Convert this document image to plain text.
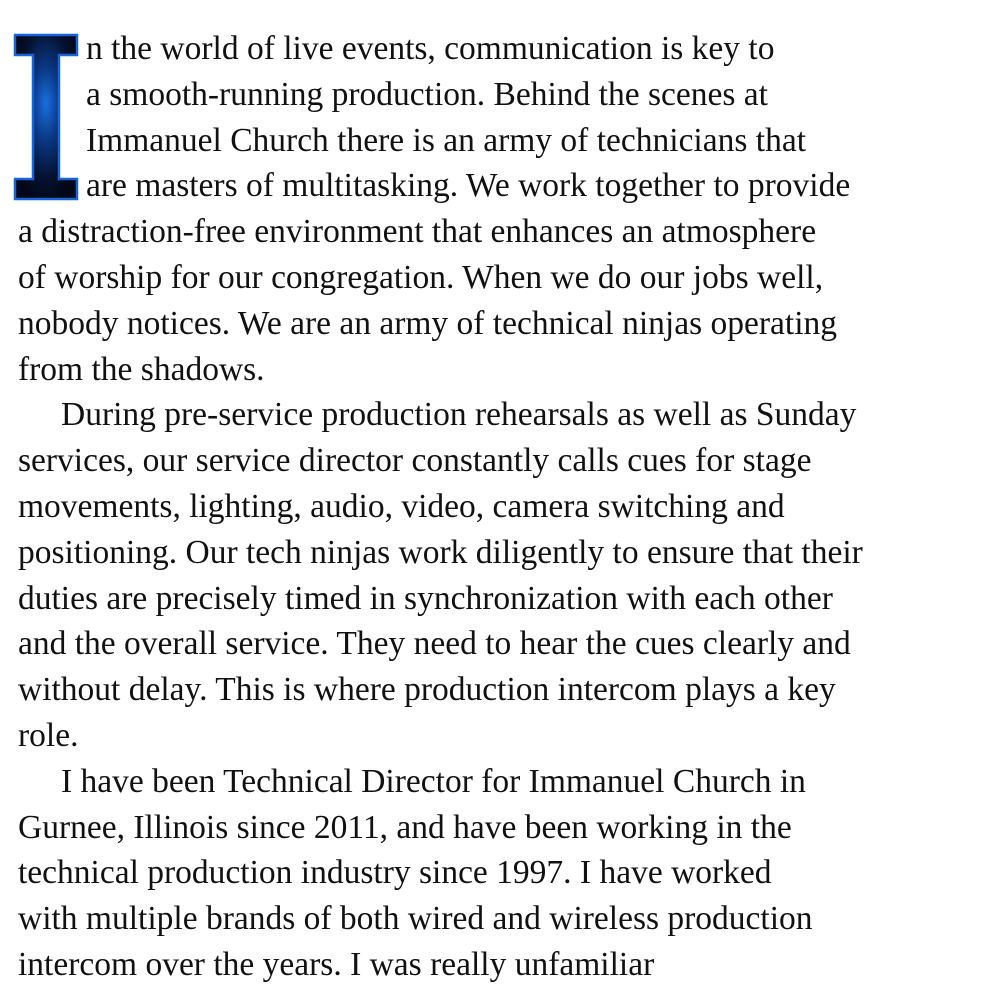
n the world of live events, communication is key to
a smooth-running production. Behind the scenes at
Immanuel Church there is an army of technicians that
are masters of multitasking. We work together to provide
a distraction-free environment that enhances an atmosphere
of worship for our congregation. When we do our jobs well,
nobody notices. We are an army of technical ninjas operating
from the shadows.
During pre-service production rehearsals as well as Sunday
services, our service director constantly calls cues for stage
movements, lighting, audio, video, camera switching and
positioning. Our tech ninjas work diligently to ensure that their
duties are precisely timed in synchronization with each other
and the overall service. They need to hear the cues clearly and
without delay. This is where production intercom plays a key
role.
I have been Technical Director for Immanuel Church in
Gurnee, Illinois since 2011, and have been working in the
technical production industry since 1997. I have worked
with multiple brands of both wired and wireless production
intercom over the years. I was really unfamiliar
